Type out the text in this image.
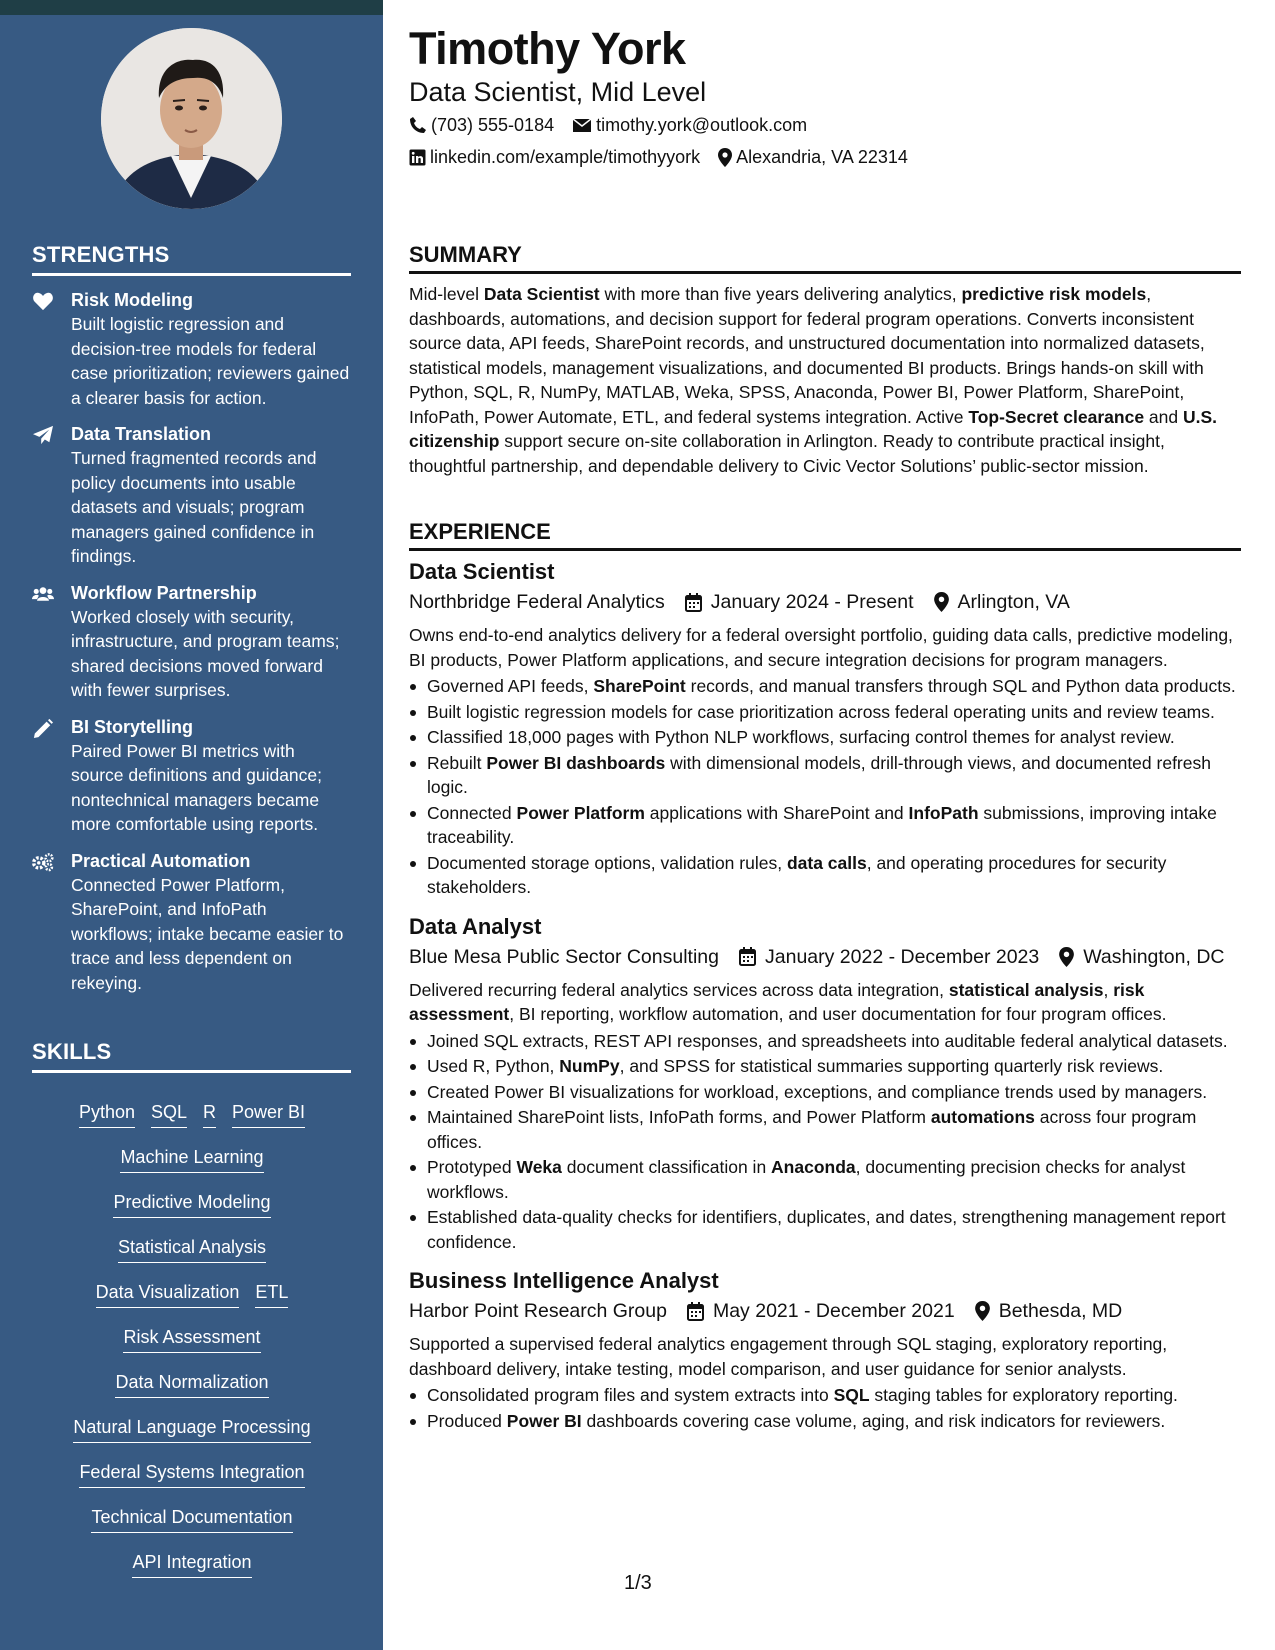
STRENGTHS
Risk Modeling
Built logistic regression and decision-tree models for federal case prioritization; reviewers gained a clearer basis for action.
Data Translation
Turned fragmented records and policy documents into usable datasets and visuals; program managers gained confidence in findings.
Workflow Partnership
Worked closely with security, infrastructure, and program teams; shared decisions moved forward with fewer surprises.
BI Storytelling
Paired Power BI metrics with source definitions and guidance; nontechnical managers became more comfortable using reports.
Practical Automation
Connected Power Platform, SharePoint, and InfoPath workflows; intake became easier to trace and less dependent on rekeying.
SKILLS
Python SQL R Power BI
Machine Learning
Predictive Modeling
Statistical Analysis
Data Visualization ETL
Risk Assessment
Data Normalization
Natural Language Processing
Federal Systems Integration
Technical Documentation
API Integration
Timothy York
Data Scientist, Mid Level
(703) 555-0184 timothy.york@outlook.com
linkedin.com/example/timothyyork Alexandria, VA 22314
SUMMARY

Mid-level Data Scientist with more than five years delivering analytics, predictive risk models, dashboards, automations, and decision support for federal program operations. Converts inconsistent source data, API feeds, SharePoint records, and unstructured documentation into normalized datasets, statistical models, management visualizations, and documented BI products. Brings hands-on skill with Python, SQL, R, NumPy, MATLAB, Weka, SPSS, Anaconda, Power BI, Power Platform, SharePoint, InfoPath, Power Automate, ETL, and federal systems integration. Active Top-Secret clearance and U.S. citizenship support secure on-site collaboration in Arlington. Ready to contribute practical insight, thoughtful partnership, and dependable delivery to Civic Vector Solutions’ public-sector mission.

EXPERIENCE
Data Scientist
Northbridge Federal Analytics January 2024 - Present Arlington, VA
Owns end-to-end analytics delivery for a federal oversight portfolio, guiding data calls, predictive modeling, BI products, Power Platform applications, and secure integration decisions for program managers.
Governed API feeds, SharePoint records, and manual transfers through SQL and Python data products.
Built logistic regression models for case prioritization across federal operating units and review teams.
Classified 18,000 pages with Python NLP workflows, surfacing control themes for analyst review.
Rebuilt Power BI dashboards with dimensional models, drill-through views, and documented refresh logic.
Connected Power Platform applications with SharePoint and InfoPath submissions, improving intake traceability.
Documented storage options, validation rules, data calls, and operating procedures for security stakeholders.
Data Analyst
Blue Mesa Public Sector Consulting January 2022 - December 2023 Washington, DC
Delivered recurring federal analytics services across data integration, statistical analysis, risk assessment, BI reporting, workflow automation, and user documentation for four program offices.
Joined SQL extracts, REST API responses, and spreadsheets into auditable federal analytical datasets.
Used R, Python, NumPy, and SPSS for statistical summaries supporting quarterly risk reviews.
Created Power BI visualizations for workload, exceptions, and compliance trends used by managers.
Maintained SharePoint lists, InfoPath forms, and Power Platform automations across four program offices.
Prototyped Weka document classification in Anaconda, documenting precision checks for analyst workflows.
Established data-quality checks for identifiers, duplicates, and dates, strengthening management report confidence.
Business Intelligence Analyst
Harbor Point Research Group May 2021 - December 2021 Bethesda, MD
Supported a supervised federal analytics engagement through SQL staging, exploratory reporting, dashboard delivery, intake testing, model comparison, and user guidance for senior analysts.
Consolidated program files and system extracts into SQL staging tables for exploratory reporting.
Produced Power BI dashboards covering case volume, aging, and risk indicators for reviewers.
1/3
